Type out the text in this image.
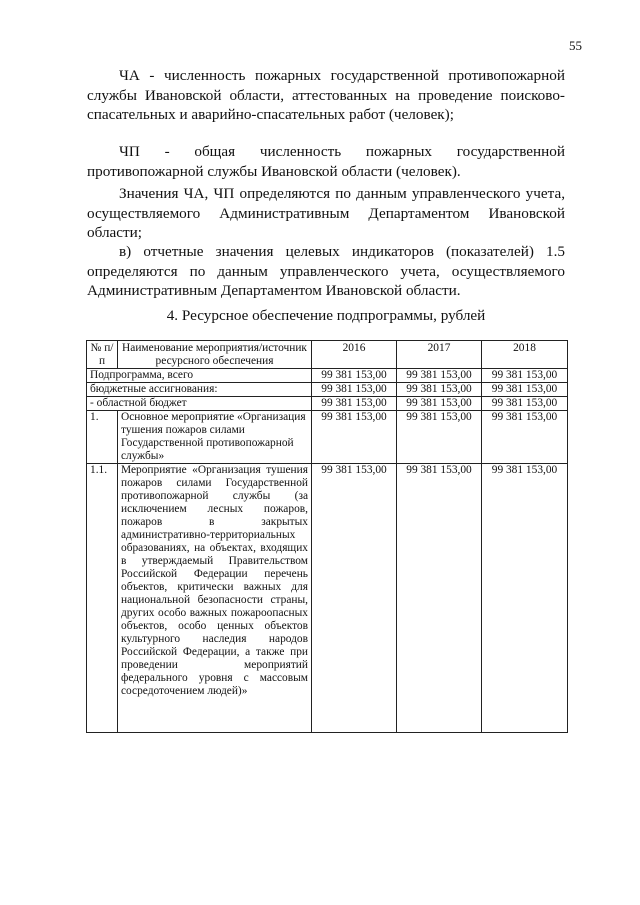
55

ЧА - численность пожарных государственной противопожарной службы Ивановской области, аттестованных на проведение поисково-спасательных и аварийно-спасательных работ (человек);

ЧП - общая численность пожарных государственной противопожарной службы Ивановской области (человек).

Значения ЧА, ЧП определяются по данным управленческого учета, осуществляемого Административным Департаментом Ивановской области;

в) отчетные значения целевых индикаторов (показателей) 1.5 определяются по данным управленческого учета, осуществляемого Административным Департаментом Ивановской области.

4. Ресурсное обеспечение подпрограммы, рублей
№ п/п	Наименование мероприятия/источник ресурсного обеспечения	2016	2017	2018
Подпрограмма, всего		99 381 153,00	99 381 153,00	99 381 153,00
бюджетные ассигнования:		99 381 153,00	99 381 153,00	99 381 153,00
- областной бюджет		99 381 153,00	99 381 153,00	99 381 153,00
1.	Основное мероприятие «Организация тушения пожаров силами Государственной противопожарной службы»	99 381 153,00	99 381 153,00	99 381 153,00
1.1.	Мероприятие «Организация тушения пожаров силами Государственной противопожарной службы (за исключением лесных пожаров, пожаров в закрытых административно-территориальных образованиях, на объектах, входящих в утверждаемый Правительством Российской Федерации перечень объектов, критически важных для национальной безопасности страны, других особо важных пожароопасных объектов, особо ценных объектов культурного наследия народов Российской Федерации, а также при проведении мероприятий федерального уровня с массовым сосредоточением людей)»	99 381 153,00	99 381 153,00	99 381 153,00
